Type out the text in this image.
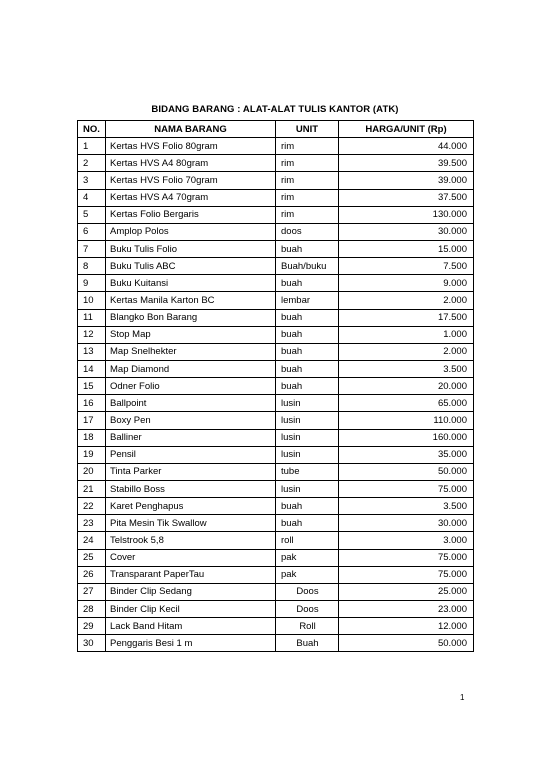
BIDANG BARANG : ALAT-ALAT TULIS KANTOR (ATK)
NO.	NAMA BARANG	UNIT	HARGA/UNIT (Rp)
1	Kertas HVS Folio 80gram	rim	44.000
2	Kertas HVS A4 80gram	rim	39.500
3	Kertas HVS Folio 70gram	rim	39.000
4	Kertas HVS A4 70gram	rim	37.500
5	Kertas Folio Bergaris	rim	130.000
6	Amplop Polos	doos	30.000
7	Buku Tulis Folio	buah	15.000
8	Buku Tulis ABC	Buah/buku	7.500
9	Buku Kuitansi	buah	9.000
10	Kertas Manila Karton BC	lembar	2.000
11	Blangko Bon Barang	buah	17.500
12	Stop Map	buah	1.000
13	Map Snelhekter	buah	2.000
14	Map Diamond	buah	3.500
15	Odner Folio	buah	20.000
16	Ballpoint	lusin	65.000
17	Boxy Pen	lusin	110.000
18	Balliner	lusin	160.000
19	Pensil	lusin	35.000
20	Tinta Parker	tube	50.000
21	Stabillo Boss	lusin	75.000
22	Karet Penghapus	buah	3.500
23	Pita Mesin Tik Swallow	buah	30.000
24	Telstrook 5,8	roll	3.000
25	Cover	pak	75.000
26	Transparant PaperTau	pak	75.000
27	Binder Clip Sedang	Doos	25.000
28	Binder Clip Kecil	Doos	23.000
29	Lack Band Hitam	Roll	12.000
30	Penggaris Besi 1 m	Buah	50.000
1
